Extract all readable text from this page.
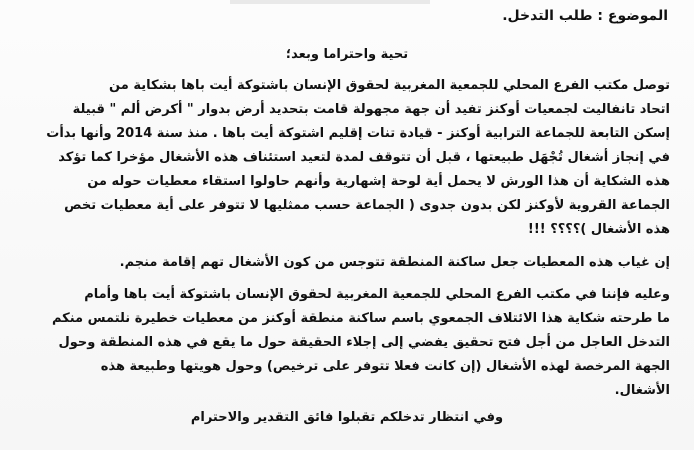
الموضوع : طلب التدخل.
تحية واحتراما وبعد؛
توصل مكتب الفرع المحلي للجمعية المغربية لحقوق الإنسان باشتوكة أيت باها بشكاية من
اتحاد تانفاليت لجمعيات أوكنز تفيد أن جهة مجهولة قامت بتحديد أرض بدوار " أكرض ألم " قبيلة
إسكن التابعة للجماعة الترابية أوكنز - قيادة تنات إقليم اشتوكة أيت باها . منذ سنة 2014 وأنها بدأت
في إنجاز أشغال تُجْهَل طبيعتها ، قبل أن تتوقف لمدة لتعيد استئناف هذه الأشغال مؤخرا كما تؤكد
هذه الشكاية أن هذا الورش لا يحمل أية لوحة إشهارية وأنهم حاولوا استقاء معطيات حوله من
الجماعة القروية لأوكنز لكن بدون جدوى ( الجماعة حسب ممثليها لا تتوفر على أية معطيات تخص
هذه الأشغال )؟؟؟؟ !!!
إن غياب هذه المعطيات جعل ساكنة المنطقة تتوجس من كون الأشغال تهم إقامة منجم.
وعليه فإننا في مكتب الفرع المحلي للجمعية المغربية لحقوق الإنسان باشتوكة أيت باها وأمام
ما طرحته شكاية هذا الائتلاف الجمعوي باسم ساكنة منطقة أوكنز من معطيات خطيرة نلتمس منكم
التدخل العاجل من أجل فتح تحقيق يفضي إلى إجلاء الحقيقة حول ما يقع في هذه المنطقة وحول
الجهة المرخصة لهذه الأشغال (إن كانت فعلا تتوفر على ترخيص) وحول هويتها وطبيعة هذه
الأشغال.
وفي انتظار تدخلكم تقبلوا فائق التقدير والاحترام
